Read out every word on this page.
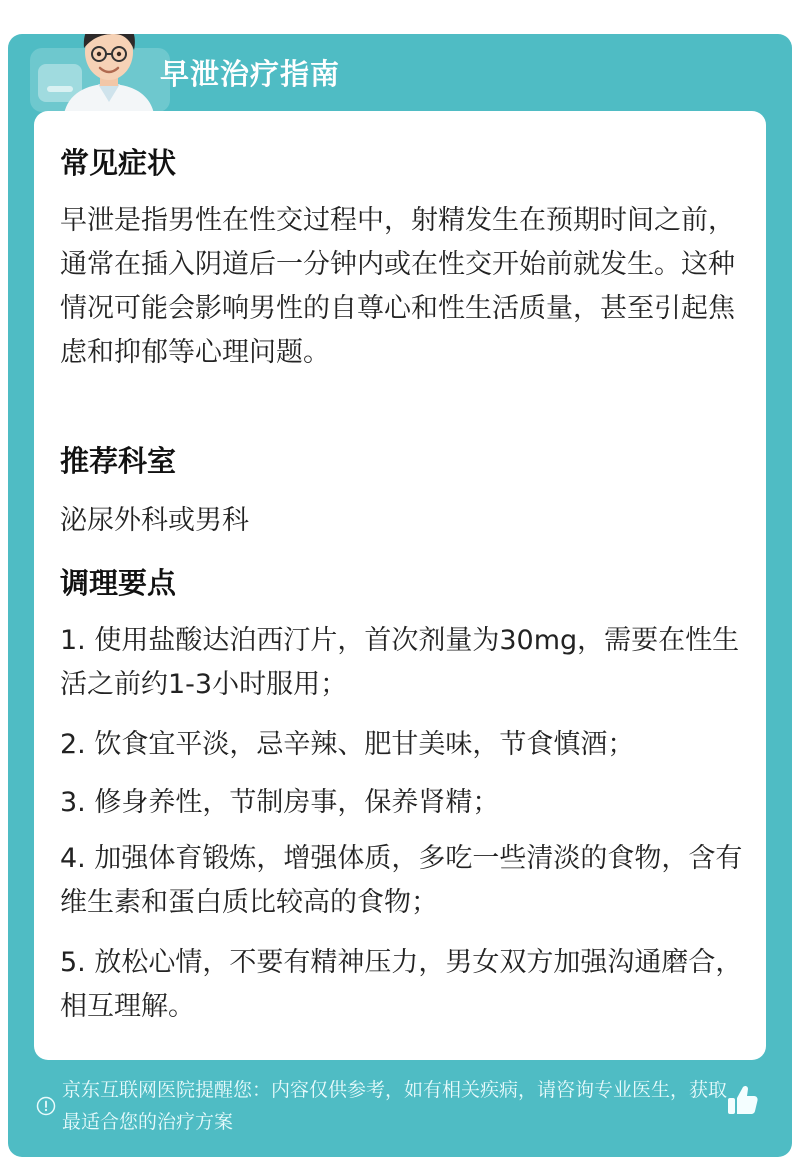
早泄治疗指南
常见症状

早泄是指男性在性交过程中，射精发生在预期时间之前，通常在插入阴道后一分钟内或在性交开始前就发生。这种情况可能会影响男性的自尊心和性生活质量，甚至引起焦虑和抑郁等心理问题。

推荐科室

泌尿外科或男科

调理要点

1. 使用盐酸达泊西汀片，首次剂量为30mg，需要在性生活之前约1-3小时服用；

2. 饮食宜平淡，忌辛辣、肥甘美味，节食慎酒；

3. 修身养性，节制房事，保养肾精；

4. 加强体育锻炼，增强体质，多吃一些清淡的食物，含有维生素和蛋白质比较高的食物；

5. 放松心情，不要有精神压力，男女双方加强沟通磨合，相互理解。

京东互联网医院提醒您：内容仅供参考，如有相关疾病，请咨询专业医生，获取最适合您的治疗方案
